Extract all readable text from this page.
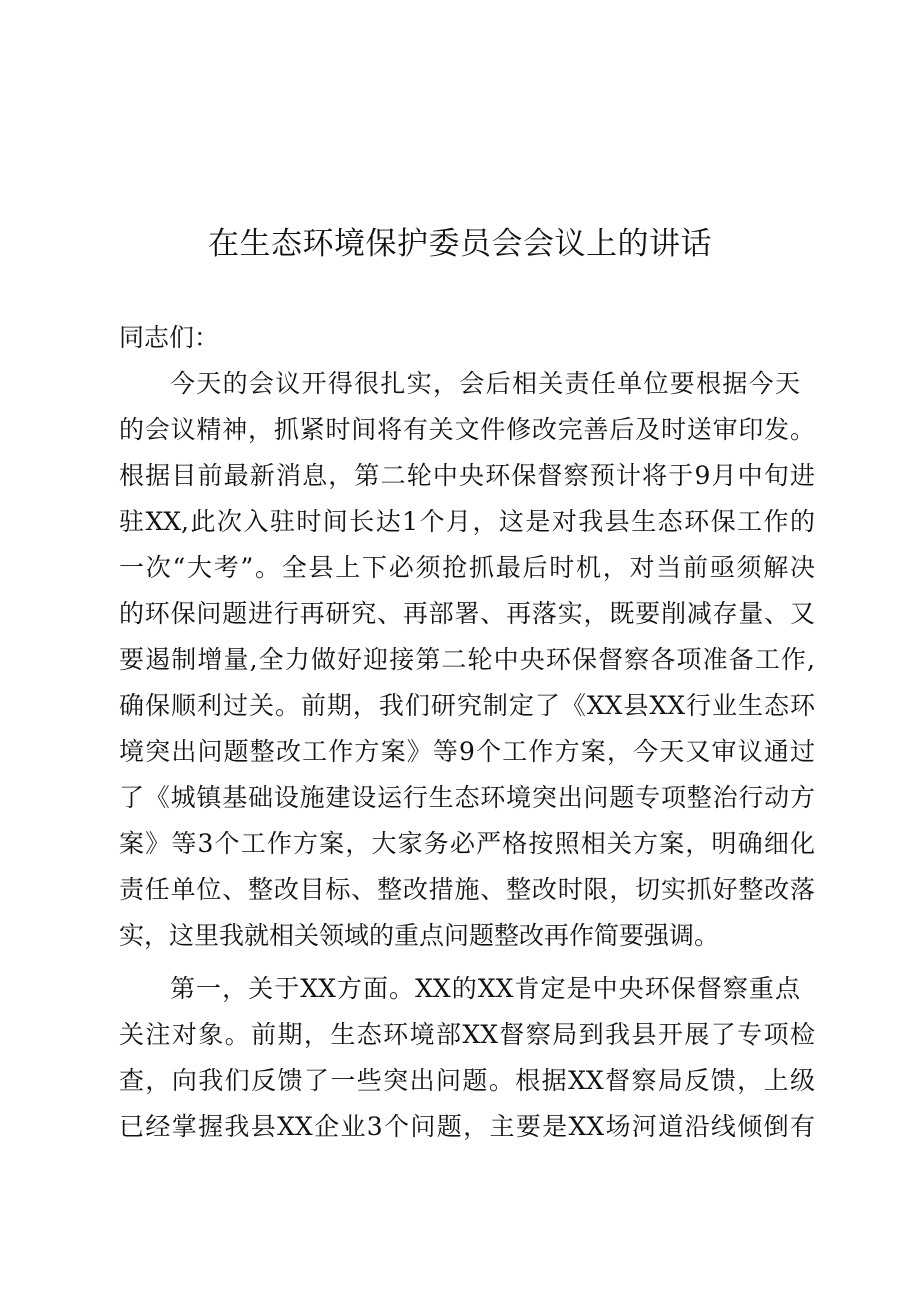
在生态环境保护委员会会议上的讲话

同志们：

今天的会议开得很扎实，会后相关责任单位要根据今天

的会议精神，抓紧时间将有关文件修改完善后及时送审印发。

根据目前最新消息，第二轮中央环保督察预计将于9月中旬进

驻XX,此次入驻时间长达1个月，这是对我县生态环保工作的

一次“大考”。全县上下必须抢抓最后时机，对当前亟须解决

的环保问题进行再研究、再部署、再落实，既要削减存量、又

要遏制增量,全力做好迎接第二轮中央环保督察各项准备工作,

确保顺利过关。前期，我们研究制定了《XX县XX行业生态环

境突出问题整改工作方案》等9个工作方案，今天又审议通过

了《城镇基础设施建设运行生态环境突出问题专项整治行动方

案》等3个工作方案，大家务必严格按照相关方案，明确细化

责任单位、整改目标、整改措施、整改时限，切实抓好整改落

实，这里我就相关领域的重点问题整改再作简要强调。

第一，关于XX方面。XX的XX肯定是中央环保督察重点

关注对象。前期，生态环境部XX督察局到我县开展了专项检

查，向我们反馈了一些突出问题。根据XX督察局反馈，上级

已经掌握我县XX企业3个问题，主要是XX场河道沿线倾倒有
